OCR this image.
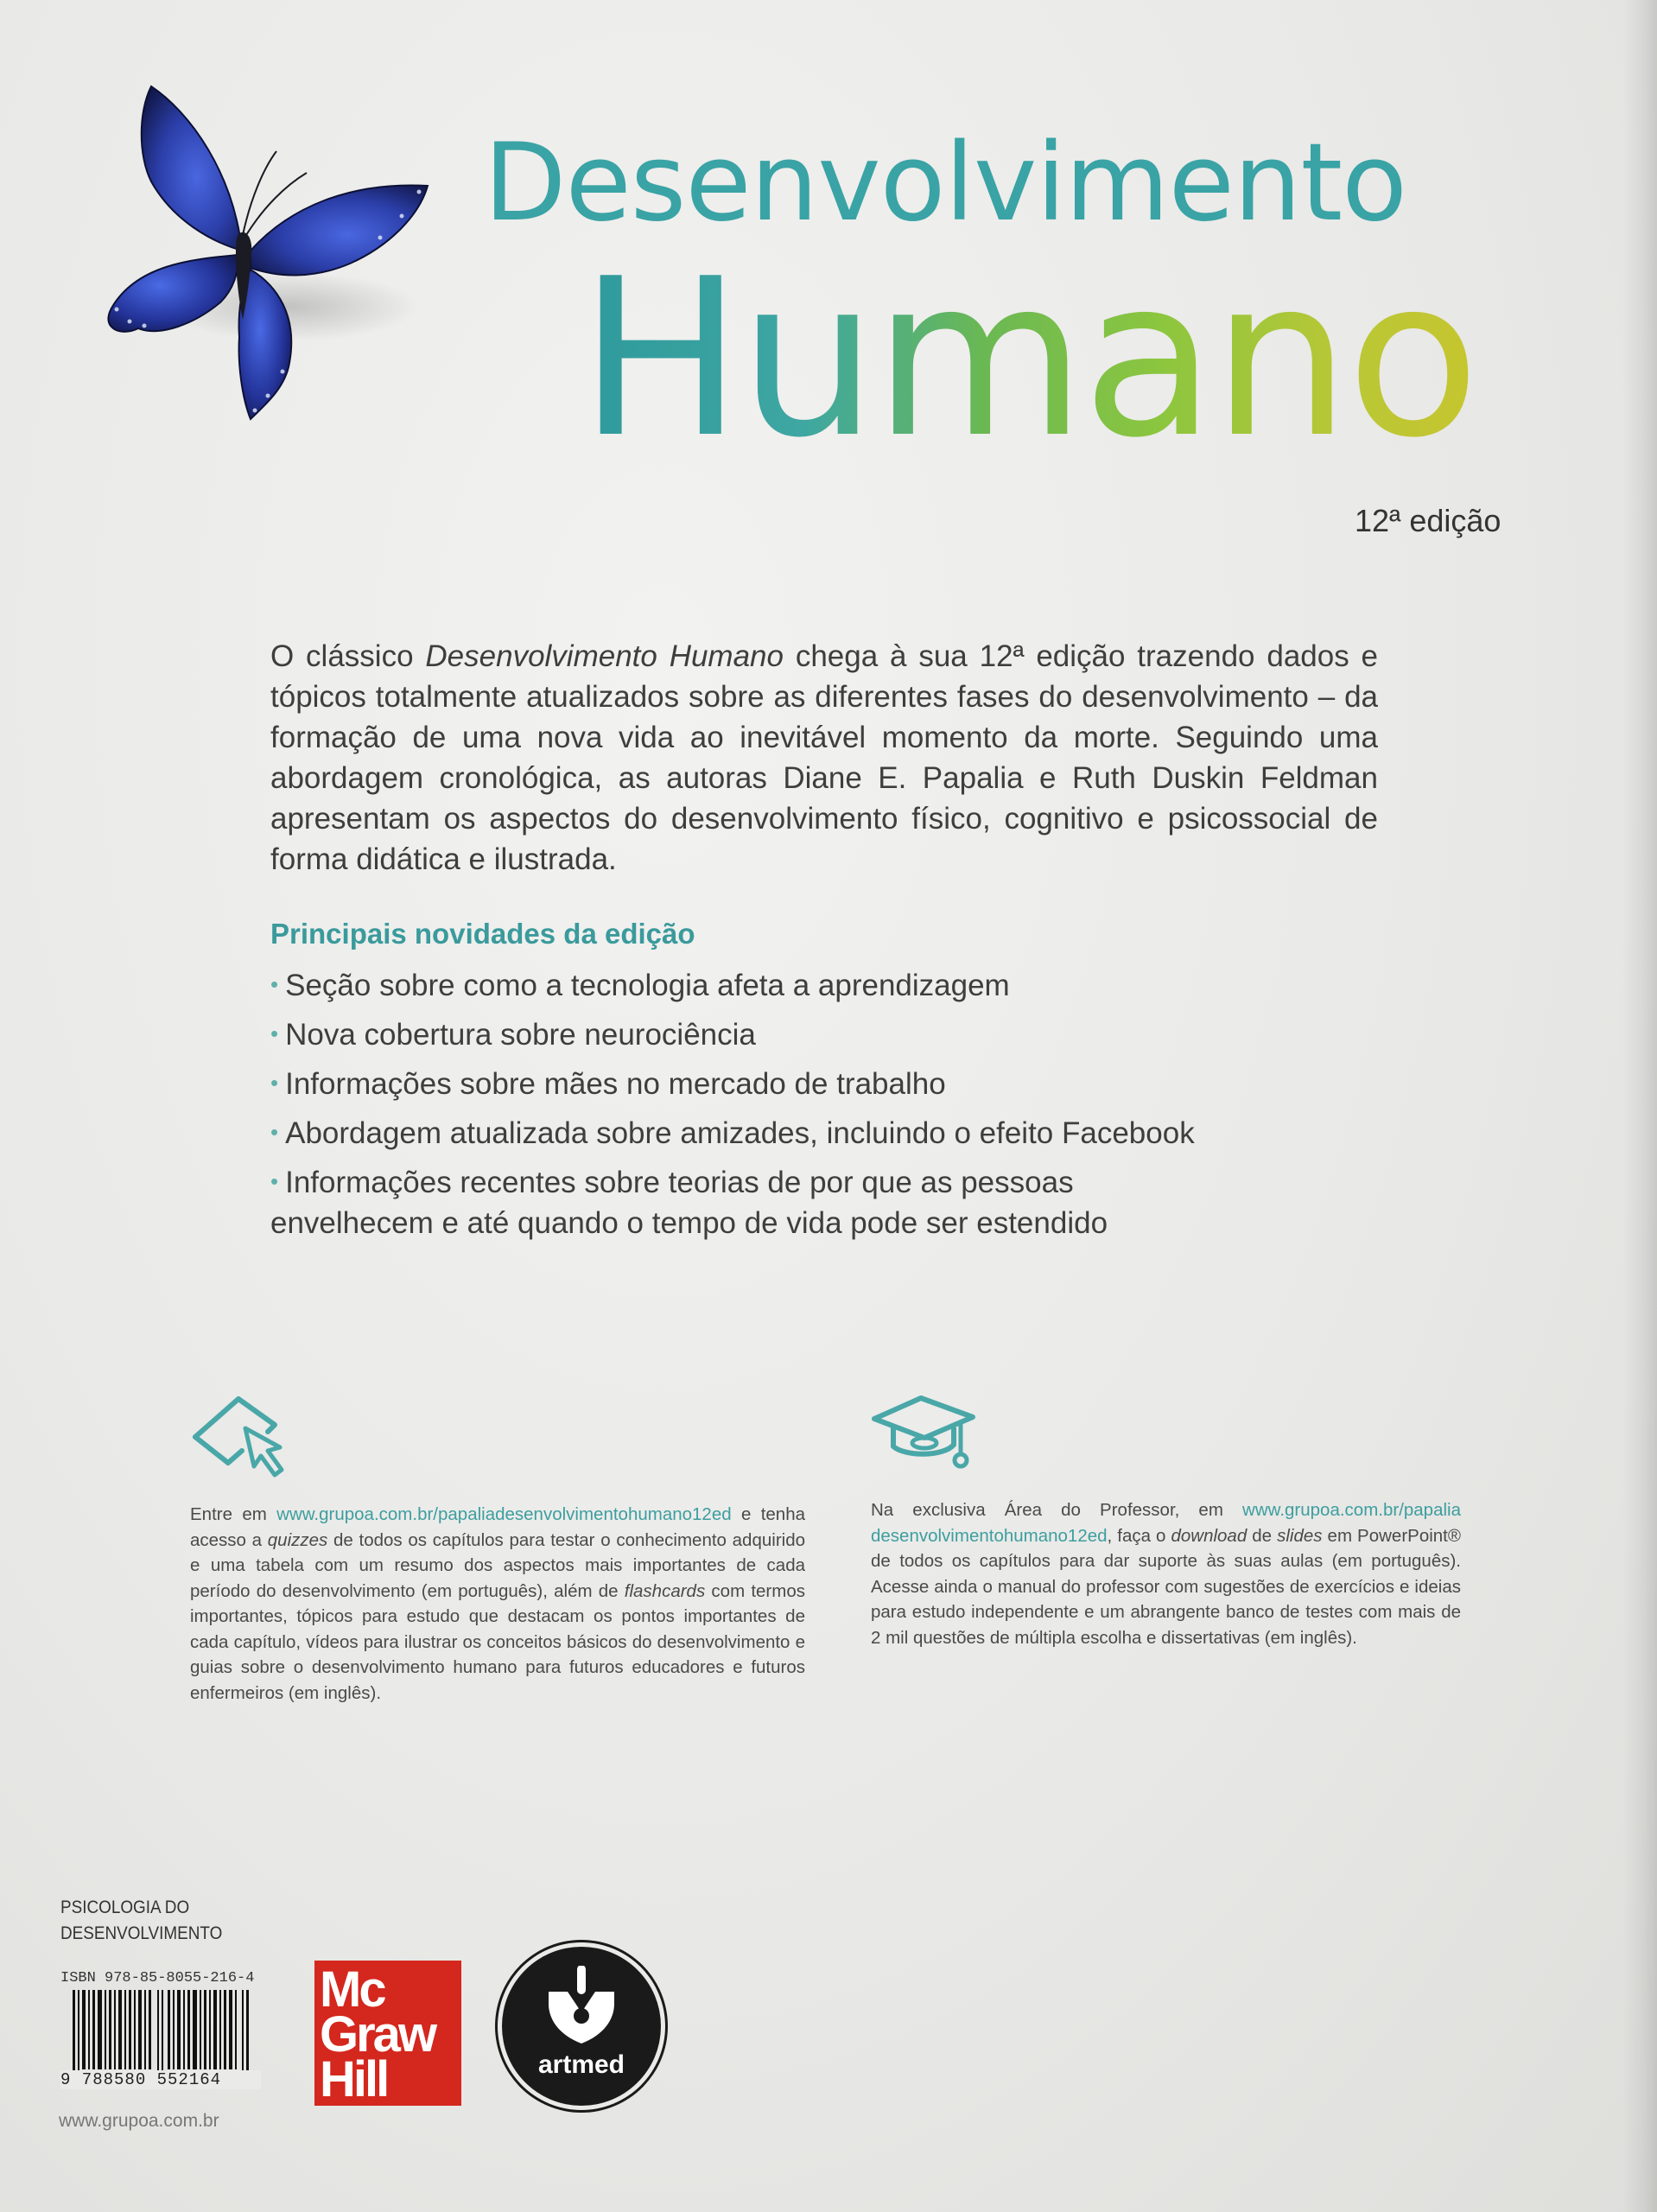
Desenvolvimento
Humano
12ª edição
O clássico Desenvolvimento Humano chega à sua 12ª edição trazendo dados e tópicos totalmente atualizados sobre as diferentes fases do desenvolvimento – da formação de uma nova vida ao inevitável momento da morte. Seguindo uma abordagem cronológica, as autoras Diane E. Papalia e Ruth Duskin Feldman apresentam os aspectos do desenvolvimento físico, cognitivo e psicossocial de forma didática e ilustrada.
Principais novidades da edição
• Seção sobre como a tecnologia afeta a aprendizagem
• Nova cobertura sobre neurociência
• Informações sobre mães no mercado de trabalho
• Abordagem atualizada sobre amizades, incluindo o efeito Facebook
• Informações recentes sobre teorias de por que as pessoas envelhecem e até quando o tempo de vida pode ser estendido
Entre em www.grupoa.com.br/papaliadesenvolvimentohumano12ed e tenha acesso a quizzes de todos os capítulos para testar o conhecimento adquirido e uma tabela com um resumo dos aspectos mais importantes de cada período do desenvolvimento (em português), além de flashcards com termos importantes, tópicos para estudo que destacam os pontos importantes de cada capítulo, vídeos para ilustrar os conceitos básicos do desenvolvimento e guias sobre o desenvolvimento humano para futuros educadores e futuros enfermeiros (em inglês).
Na exclusiva Área do Professor, em www.grupoa.com.br/papalia desenvolvimentohumano12ed, faça o download de slides em PowerPoint® de todos os capítulos para dar suporte às suas aulas (em português). Acesse ainda o manual do professor com sugestões de exercícios e ideias para estudo independente e um abrangente banco de testes com mais de 2 mil questões de múltipla escolha e dissertativas (em inglês).
PSICOLOGIA DO
DESENVOLVIMENTO
ISBN 978-85-8055-216-4
9 788580 552164
www.grupoa.com.br
Mc
Graw
Hill	artmed
